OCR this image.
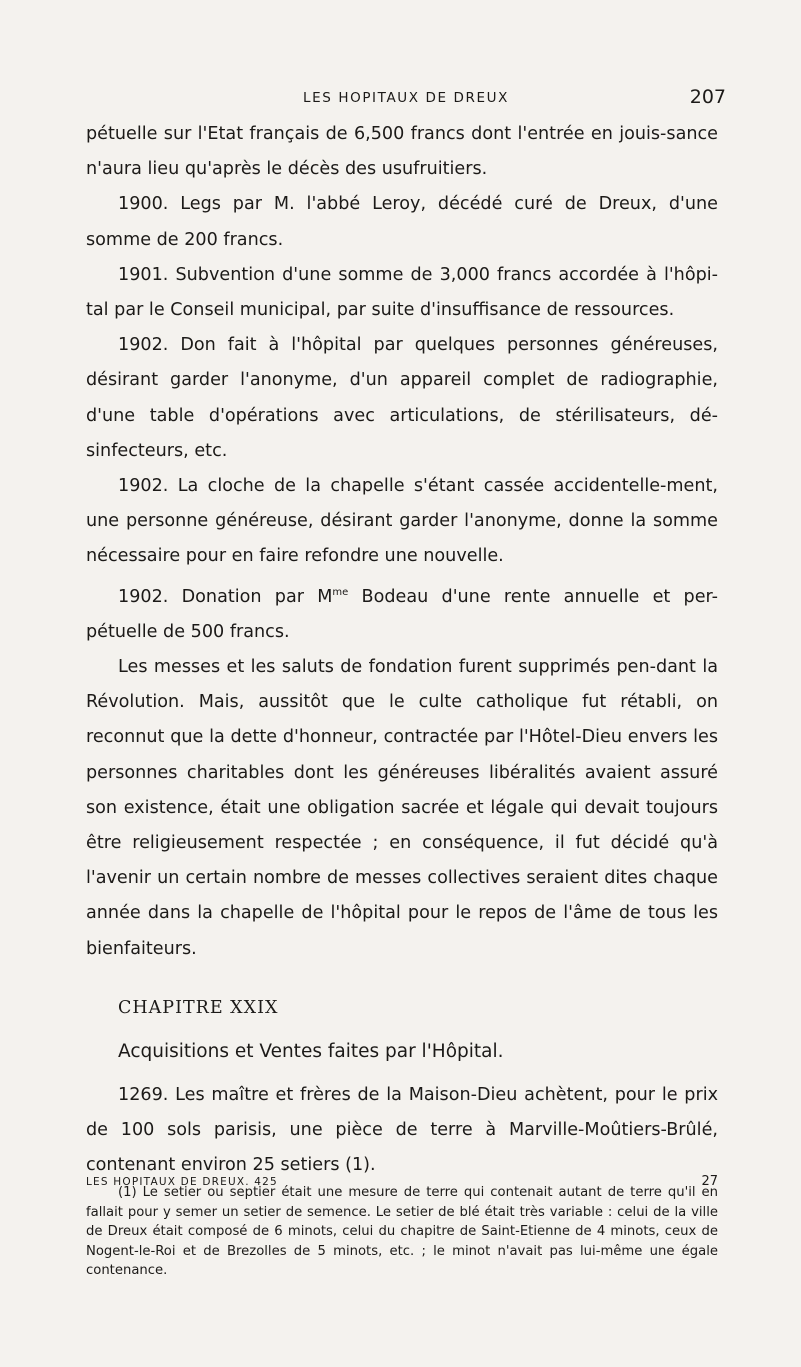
LES HOPITAUX DE DREUX	207

pétuelle sur l'Etat français de 6,500 francs dont l'entrée en jouis-sance n'aura lieu qu'après le décès des usufruitiers.

1900. Legs par M. l'abbé Leroy, décédé curé de Dreux, d'une somme de 200 francs.

1901. Subvention d'une somme de 3,000 francs accordée à l'hôpi-tal par le Conseil municipal, par suite d'insuffisance de ressources.

1902. Don fait à l'hôpital par quelques personnes généreuses, désirant garder l'anonyme, d'un appareil complet de radiographie, d'une table d'opérations avec articulations, de stérilisateurs, dé-sinfecteurs, etc.

1902. La cloche de la chapelle s'étant cassée accidentelle-ment, une personne généreuse, désirant garder l'anonyme, donne la somme nécessaire pour en faire refondre une nouvelle.

1902. Donation par $M^{me}$ Bodeau d'une rente annuelle et per-pétuelle de 500 francs.

Les messes et les saluts de fondation furent supprimés pen-dant la Révolution. Mais, aussitôt que le culte catholique fut rétabli, on reconnut que la dette d'honneur, contractée par l'Hôtel-Dieu envers les personnes charitables dont les généreuses libéralités avaient assuré son existence, était une obligation sacrée et légale qui devait toujours être religieusement respectée ; en conséquence, il fut décidé qu'à l'avenir un certain nombre de messes collectives seraient dites chaque année dans la chapelle de l'hôpital pour le repos de l'âme de tous les bienfaiteurs.

CHAPITRE XXIX

Acquisitions et Ventes faites par l'Hôpital.

1269. Les maître et frères de la Maison-Dieu achètent, pour le prix de 100 sols parisis, une pièce de terre à Marville-Moûtiers-Brûlé, contenant environ 25 setiers (1).

(1) Le setier ou septier était une mesure de terre qui contenait autant de terre qu'il en fallait pour y semer un setier de semence. Le setier de blé était très variable : celui de la ville de Dreux était composé de 6 minots, celui du chapitre de Saint-Etienne de 4 minots, ceux de Nogent-le-Roi et de Brezolles de 5 minots, etc. ; le minot n'avait pas lui-même une égale contenance.

LES HOPITAUX DE DREUX. 425	27
